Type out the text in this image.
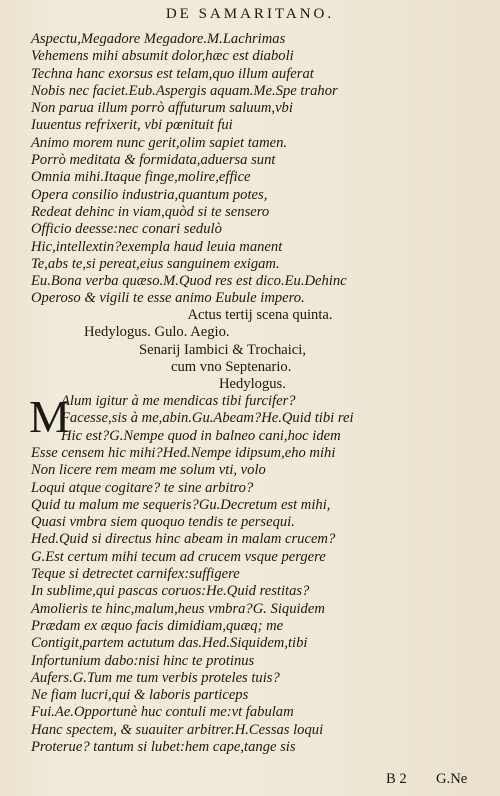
DE SAMARITANO.
Aspectu,Megadore Megadore.M.Lachrimas
Vehemens mihi absumit dolor,hæc est diaboli
Techna hanc exorsus est telam,quo illum auferat
Nobis nec faciet.Eub.Aspergis aquam.Me.Spe trahor
Non parua illum porrò affuturum saluum,vbi
Iuuentus refrixerit, vbi pœnituit fui
Animo morem nunc gerit,olim sapiet tamen.
Porrò meditata & formidata,aduersa sunt
Omnia mihi.Itaque finge,molire,effice
Opera consilio industria,quantum potes,
Redeat dehinc in viam,quòd si te sensero
Officio deesse:nec conari sedulò
Hic,intellextin?exempla haud leuia manent
Te,abs te,si pereat,eius sanguinem exigam.
Eu.Bona verba quæso.M.Quod res est dico.Eu.Dehinc
Operoso & vigili te esse animo Eubule impero.
Actus tertij scena quinta.
Hedylogus. Gulo. Aegio.
Senarij Iambici & Trochaici,
cum vno Septenario.
Hedylogus.
M
Alum igitur à me mendicas tibi furcifer?
Facesse,sis à me,abin.Gu.Abeam?He.Quid tibi rei
Hic est?G.Nempe quod in balneo cani,hoc idem
Esse censem hic mihi?Hed.Nempe idipsum,eho mihi
Non licere rem meam me solum vti, volo
Loqui atque cogitare? te sine arbitro?
Quid tu malum me sequeris?Gu.Decretum est mihi,
Quasi vmbra siem quoquo tendis te persequi.
Hed.Quid si directus hinc abeam in malam crucem?
G.Est certum mihi tecum ad crucem vsque pergere
Teque si detrectet carnifex:suffigere
In sublime,qui pascas coruos:He.Quid restitas?
Amolieris te hinc,malum,heus vmbra?G. Siquidem
Prædam ex æquo facis dimidiam,quæq; me
Contigit,partem actutum das.Hed.Siquidem,tibi
Infortunium dabo:nisi hinc te protinus
Aufers.G.Tum me tum verbis proteles tuis?
Ne fiam lucri,qui & laboris particeps
Fui.Ae.Opportunè huc contuli me:vt fabulam
Hanc spectem, & suauiter arbitrer.H.Cessas loqui
Proterue? tantum si lubet:hem cape,tange sis
B 2 G.Ne
